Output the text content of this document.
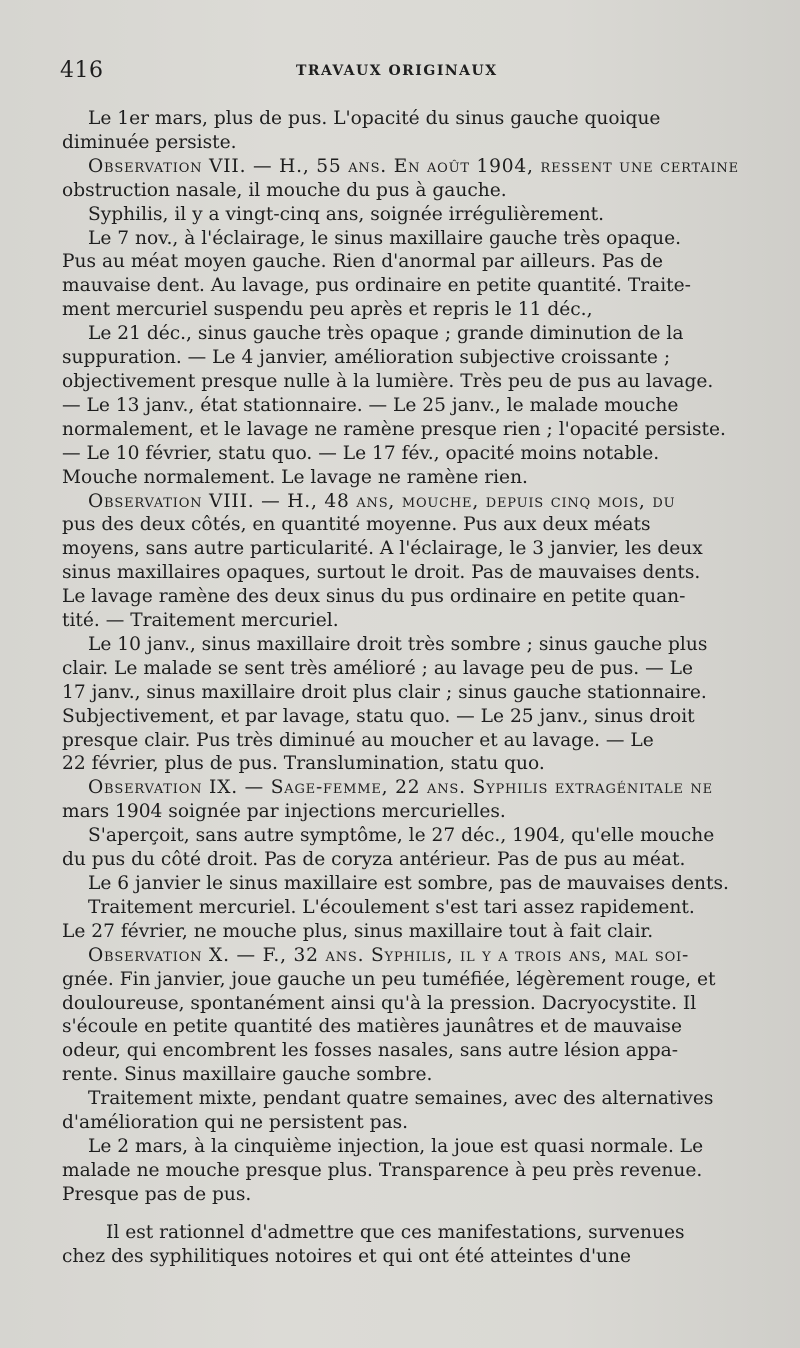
416	TRAVAUX ORIGINAUX
Le 1er mars, plus de pus. L'opacité du sinus gauche quoique
diminuée persiste.
Observation VII. — H., 55 ans. En août 1904, ressent une certaine
obstruction nasale, il mouche du pus à gauche.
Syphilis, il y a vingt-cinq ans, soignée irrégulièrement.
Le 7 nov., à l'éclairage, le sinus maxillaire gauche très opaque.
Pus au méat moyen gauche. Rien d'anormal par ailleurs. Pas de
mauvaise dent. Au lavage, pus ordinaire en petite quantité. Traite-
ment mercuriel suspendu peu après et repris le 11 déc.,
Le 21 déc., sinus gauche très opaque ; grande diminution de la
suppuration. — Le 4 janvier, amélioration subjective croissante ;
objectivement presque nulle à la lumière. Très peu de pus au lavage.
— Le 13 janv., état stationnaire. — Le 25 janv., le malade mouche
normalement, et le lavage ne ramène presque rien ; l'opacité persiste.
— Le 10 février, statu quo. — Le 17 fév., opacité moins notable.
Mouche normalement. Le lavage ne ramène rien.
Observation VIII. — H., 48 ans, mouche, depuis cinq mois, du
pus des deux côtés, en quantité moyenne. Pus aux deux méats
moyens, sans autre particularité. A l'éclairage, le 3 janvier, les deux
sinus maxillaires opaques, surtout le droit. Pas de mauvaises dents.
Le lavage ramène des deux sinus du pus ordinaire en petite quan-
tité. — Traitement mercuriel.
Le 10 janv., sinus maxillaire droit très sombre ; sinus gauche plus
clair. Le malade se sent très amélioré ; au lavage peu de pus. — Le
17 janv., sinus maxillaire droit plus clair ; sinus gauche stationnaire.
Subjectivement, et par lavage, statu quo. — Le 25 janv., sinus droit
presque clair. Pus très diminué au moucher et au lavage. — Le
22 février, plus de pus. Translumination, statu quo.
Observation IX. — Sage-femme, 22 ans. Syphilis extragénitale ne
mars 1904 soignée par injections mercurielles.
S'aperçoit, sans autre symptôme, le 27 déc., 1904, qu'elle mouche
du pus du côté droit. Pas de coryza antérieur. Pas de pus au méat.
Le 6 janvier le sinus maxillaire est sombre, pas de mauvaises dents.
Traitement mercuriel. L'écoulement s'est tari assez rapidement.
Le 27 février, ne mouche plus, sinus maxillaire tout à fait clair.
Observation X. — F., 32 ans. Syphilis, il y a trois ans, mal soi-
gnée. Fin janvier, joue gauche un peu tuméfiée, légèrement rouge, et
douloureuse, spontanément ainsi qu'à la pression. Dacryocystite. Il
s'écoule en petite quantité des matières jaunâtres et de mauvaise
odeur, qui encombrent les fosses nasales, sans autre lésion appa-
rente. Sinus maxillaire gauche sombre.
Traitement mixte, pendant quatre semaines, avec des alternatives
d'amélioration qui ne persistent pas.
Le 2 mars, à la cinquième injection, la joue est quasi normale. Le
malade ne mouche presque plus. Transparence à peu près revenue.
Presque pas de pus.
Il est rationnel d'admettre que ces manifestations, survenues
chez des syphilitiques notoires et qui ont été atteintes d'une
